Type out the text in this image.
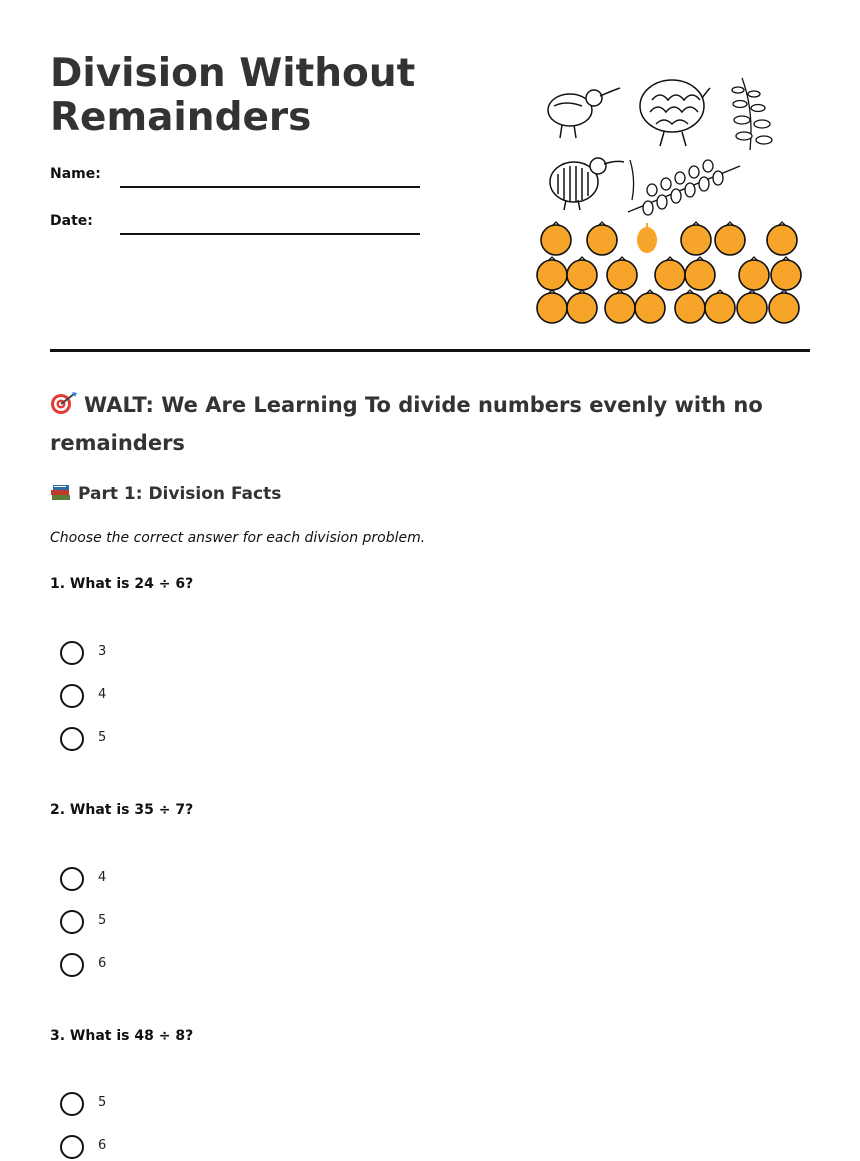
Division Without Remainders
Name:
Date:
WALT: We Are Learning To divide numbers evenly with no remainders
Part 1: Division Facts
Choose the correct answer for each division problem.
1. What is 24 ÷ 6?
3
4
5
2. What is 35 ÷ 7?
4
5
6
3. What is 48 ÷ 8?
5
6
